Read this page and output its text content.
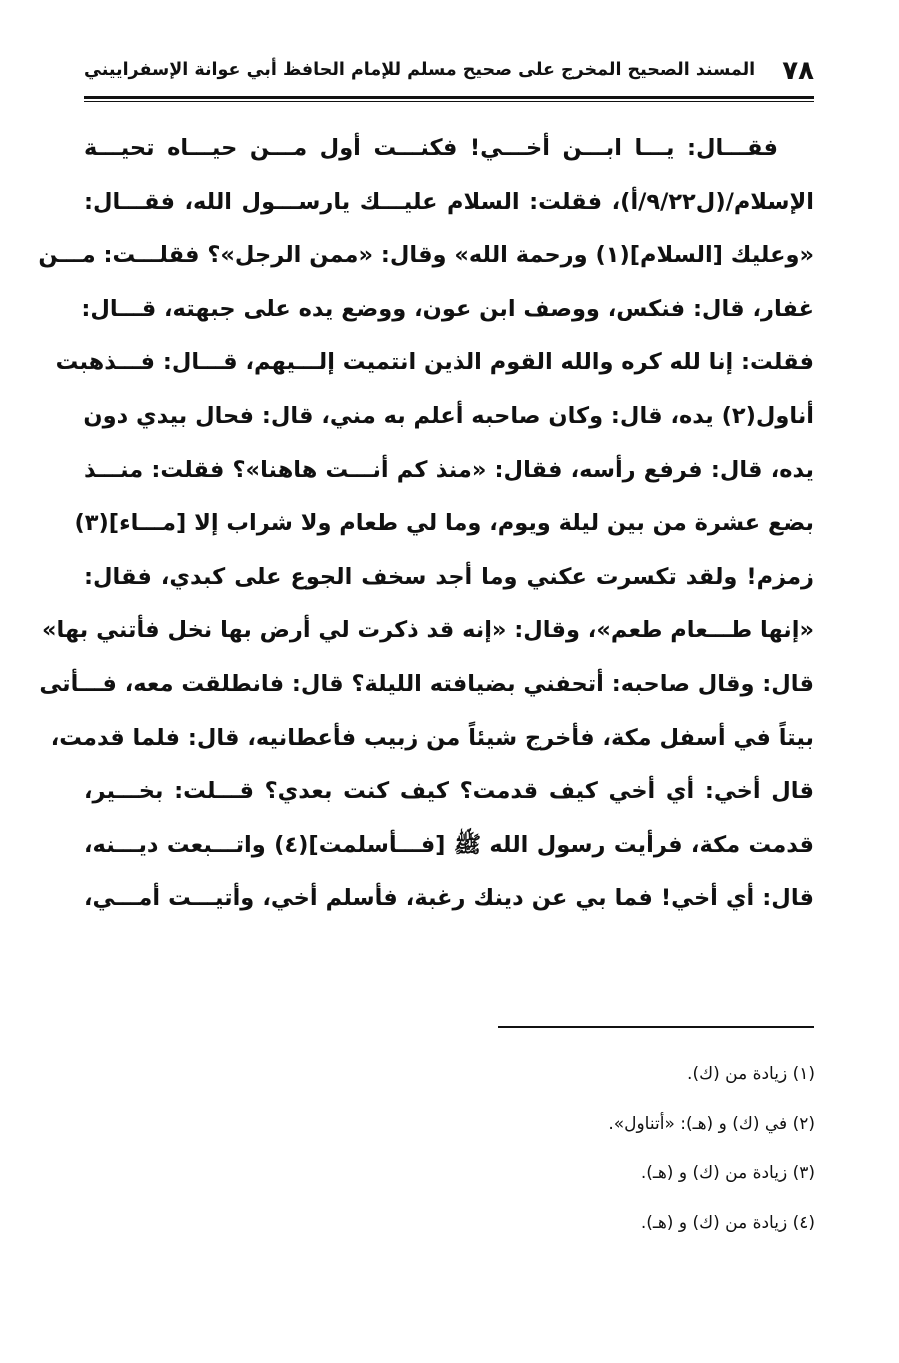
٧٨
المسند الصحيح المخرج على صحيح مسلم للإمام الحافظ أبي عوانة الإسفراييني
فقـــال: يـــا ابـــن أخـــي! فكنـــت أول مـــن حيـــاه تحيـــة
الإسلام/(ل٩/٢٢/أ)، فقلت: السلام عليـــك يارســـول الله، فقـــال:
«وعليك [السلام](١) ورحمة الله» وقال: «ممن الرجل»؟ فقلـــت: مـــن
غفار، قال: فنكس، ووصف ابن عون، ووضع يده على جبهته، قـــال:
فقلت: إنا لله كره والله القوم الذين انتميت إلـــيهم، قـــال: فـــذهبت
أناول(٢) يده، قال: وكان صاحبه أعلم به مني، قال: فحال بيدي دون
يده، قال: فرفع رأسه، فقال: «منذ كم أنـــت هاهنا»؟ فقلت: منـــذ
بضع عشرة من بين ليلة ويوم، وما لي طعام ولا شراب إلا [مـــاء](٣)
زمزم! ولقد تكسرت عكني وما أجد سخف الجوع على كبدي، فقال:
«إنها طـــعام طعم»، وقال: «إنه قد ذكرت لي أرض بها نخل فأتني بها»
قال: وقال صاحبه: أتحفني بضيافته الليلة؟ قال: فانطلقت معه، فـــأتى
بيتاً في أسفل مكة، فأخرج شيئاً من زبيب فأعطانيه، قال: فلما قدمت،
قال أخي: أي أخي كيف قدمت؟ كيف كنت بعدي؟ قـــلت: بخـــير،
قدمت مكة، فرأيت رسول الله ﷺ [فـــأسلمت](٤) واتـــبعت ديـــنه،
قال: أي أخي! فما بي عن دينك رغبة، فأسلم أخي، وأتيـــت أمـــي،
(١) زيادة من (ك).
(٢) في (ك) و (هـ): «أتناول».
(٣) زيادة من (ك) و (هـ).
(٤) زيادة من (ك) و (هـ).
